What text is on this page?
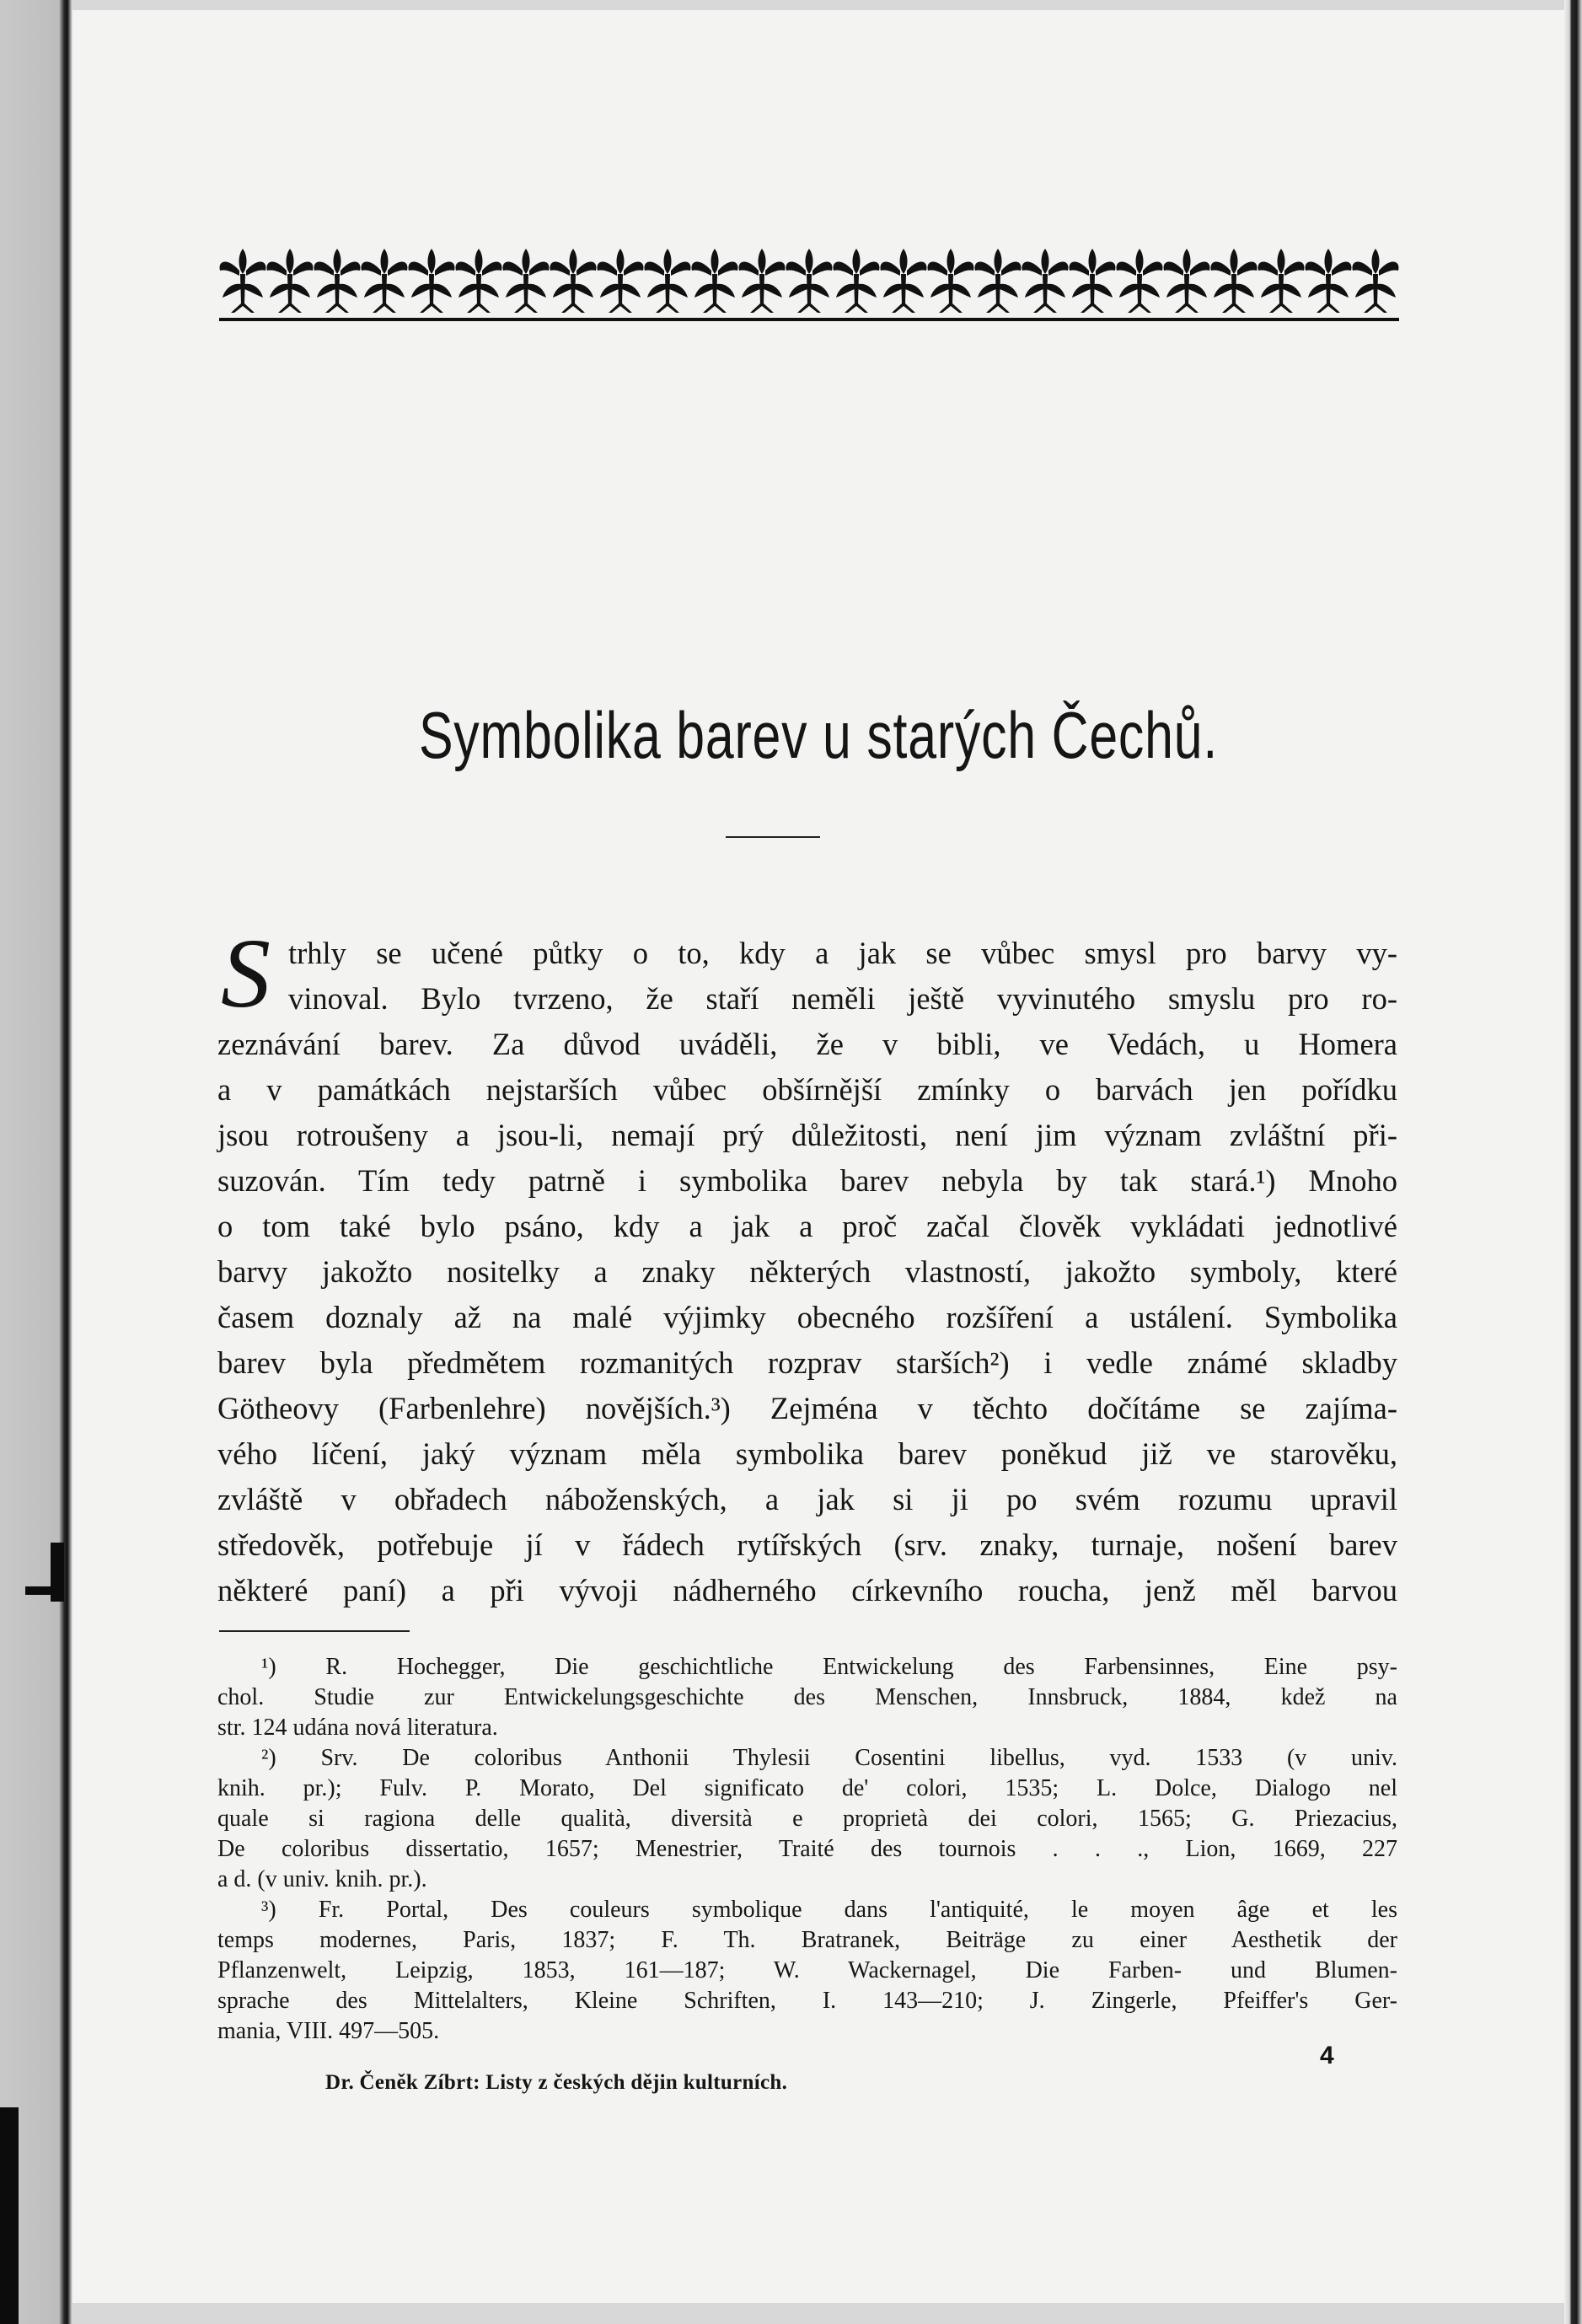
Symbolika barev u starých Čechů.
S trhly se učené půtky o to, kdy a jak se vůbec smysl pro barvy vy-
vinoval. Bylo tvrzeno, že staří neměli ještě vyvinutého smyslu pro ro-
zeznávání barev. Za důvod uváděli, že v bibli, ve Vedách, u Homera
a v památkách nejstarších vůbec obšírnější zmínky o barvách jen pořídku
jsou rotroušeny a jsou-li, nemají prý důležitosti, není jim význam zvláštní při-
suzován. Tím tedy patrně i symbolika barev nebyla by tak stará.¹) Mnoho
o tom také bylo psáno, kdy a jak a proč začal člověk vykládati jednotlivé
barvy jakožto nositelky a znaky některých vlastností, jakožto symboly, které
časem doznaly až na malé výjimky obecného rozšíření a ustálení. Symbolika
barev byla předmětem rozmanitých rozprav starších²) i vedle známé skladby
Götheovy (Farbenlehre) novějších.³) Zejména v těchto dočítáme se zajíma-
vého líčení, jaký význam měla symbolika barev poněkud již ve starověku,
zvláště v obřadech náboženských, a jak si ji po svém rozumu upravil
středověk, potřebuje jí v řádech rytířských (srv. znaky, turnaje, nošení barev
některé paní) a při vývoji nádherného církevního roucha, jenž měl barvou
¹) R. Hochegger, Die geschichtliche Entwickelung des Farbensinnes, Eine psy-
chol. Studie zur Entwickelungsgeschichte des Menschen, Innsbruck, 1884, kdež na
str. 124 udána nová literatura.
²) Srv. De coloribus Anthonii Thylesii Cosentini libellus, vyd. 1533 (v univ.
knih. pr.); Fulv. P. Morato, Del significato de' colori, 1535; L. Dolce, Dialogo nel
quale si ragiona delle qualità, diversità e proprietà dei colori, 1565; G. Priezacius,
De coloribus dissertatio, 1657; Menestrier, Traité des tournois . . ., Lion, 1669, 227
a d. (v univ. knih. pr.).
³) Fr. Portal, Des couleurs symbolique dans l'antiquité, le moyen âge et les
temps modernes, Paris, 1837; F. Th. Bratranek, Beiträge zu einer Aesthetik der
Pflanzenwelt, Leipzig, 1853, 161—187; W. Wackernagel, Die Farben- und Blumen-
sprache des Mittelalters, Kleine Schriften, I. 143—210; J. Zingerle, Pfeiffer's Ger-
mania, VIII. 497—505.
4
Dr. Čeněk Zíbrt: Listy z českých dějin kulturních.
